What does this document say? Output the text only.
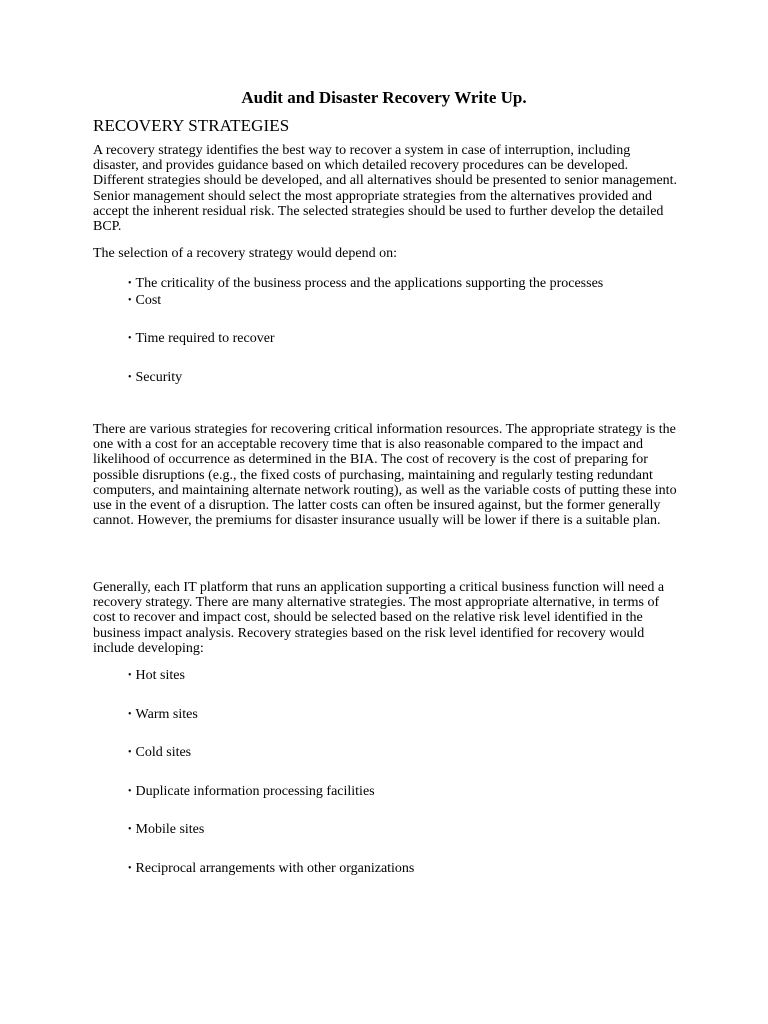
Audit and Disaster Recovery Write Up.
RECOVERY STRATEGIES

A recovery strategy identifies the best way to recover a system in case of interruption, including disaster, and provides guidance based on which detailed recovery procedures can be developed. Different strategies should be developed, and all alternatives should be presented to senior management. Senior management should select the most appropriate strategies from the alternatives provided and accept the inherent residual risk. The selected strategies should be used to further develop the detailed BCP.

The selection of a recovery strategy would depend on:

• The criticality of the business process and the applications supporting the processes
• Cost
• Time required to recover
• Security

There are various strategies for recovering critical information resources. The appropriate strategy is the one with a cost for an acceptable recovery time that is also reasonable compared to the impact and likelihood of occurrence as determined in the BIA. The cost of recovery is the cost of preparing for possible disruptions (e.g., the fixed costs of purchasing, maintaining and regularly testing redundant computers, and maintaining alternate network routing), as well as the variable costs of putting these into use in the event of a disruption. The latter costs can often be insured against, but the former generally cannot. However, the premiums for disaster insurance usually will be lower if there is a suitable plan.

Generally, each IT platform that runs an application supporting a critical business function will need a recovery strategy. There are many alternative strategies. The most appropriate alternative, in terms of cost to recover and impact cost, should be selected based on the relative risk level identified in the business impact analysis. Recovery strategies based on the risk level identified for recovery would include developing:

• Hot sites
• Warm sites
• Cold sites
• Duplicate information processing facilities
• Mobile sites
• Reciprocal arrangements with other organizations
